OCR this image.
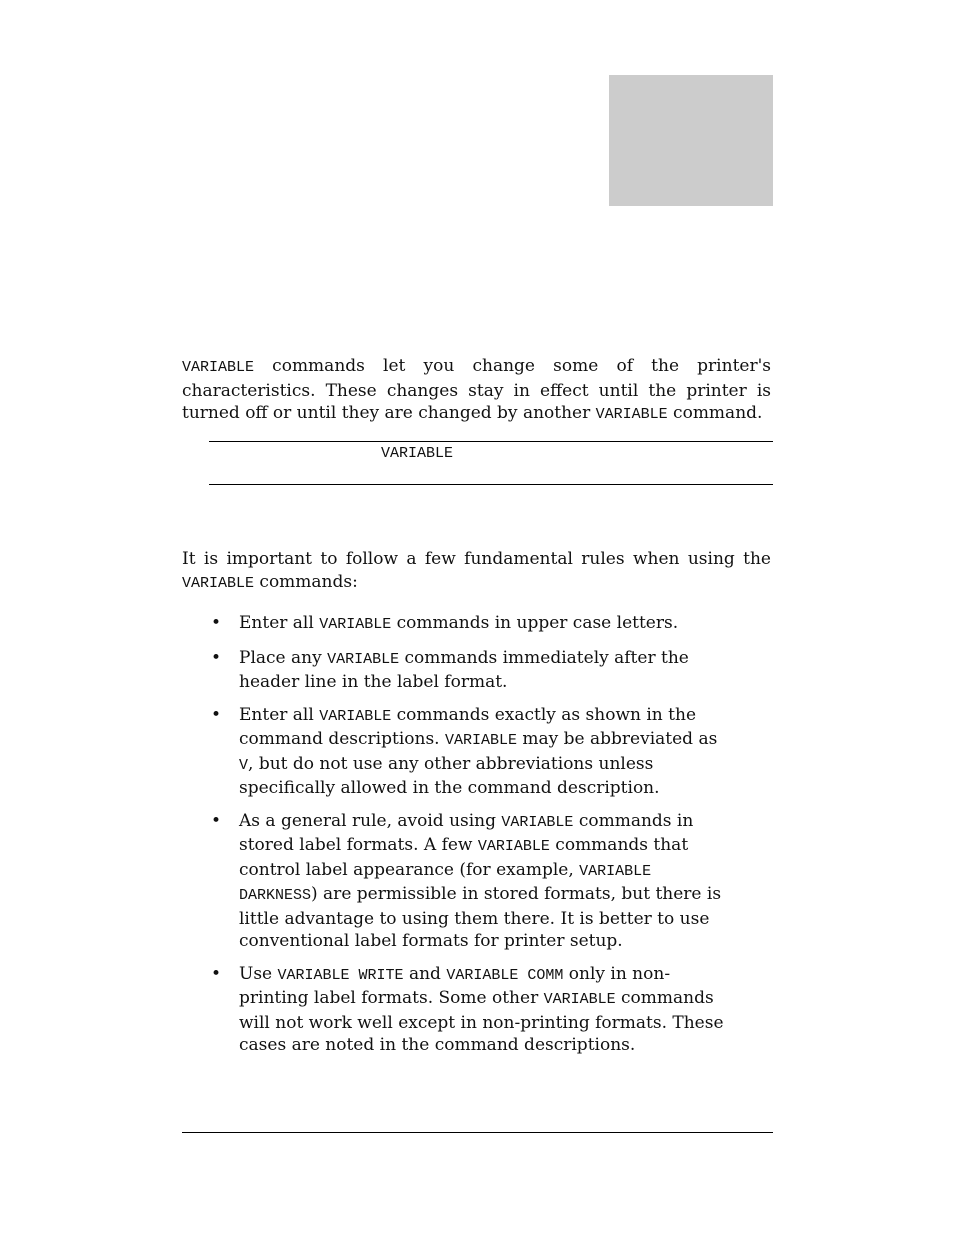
VARIABLE commands let you change some of the printer's characteristics. These changes stay in effect until the printer is turned off or until they are changed by another VARIABLE command.

VARIABLE

It is important to follow a few fundamental rules when using the VARIABLE commands:

• Enter all VARIABLE commands in upper case letters.
• Place any VARIABLE commands immediately after the header line in the label format.
• Enter all VARIABLE commands exactly as shown in the command descriptions. VARIABLE may be abbreviated as V, but do not use any other abbreviations unless specifically allowed in the command description.
• As a general rule, avoid using VARIABLE commands in stored label formats. A few VARIABLE commands that control label appearance (for example, VARIABLE DARKNESS) are permissible in stored formats, but there is little advantage to using them there. It is better to use conventional label formats for printer setup.
• Use VARIABLE WRITE and VARIABLE COMM only in non-printing label formats. Some other VARIABLE commands will not work well except in non-printing formats. These cases are noted in the command descriptions.
